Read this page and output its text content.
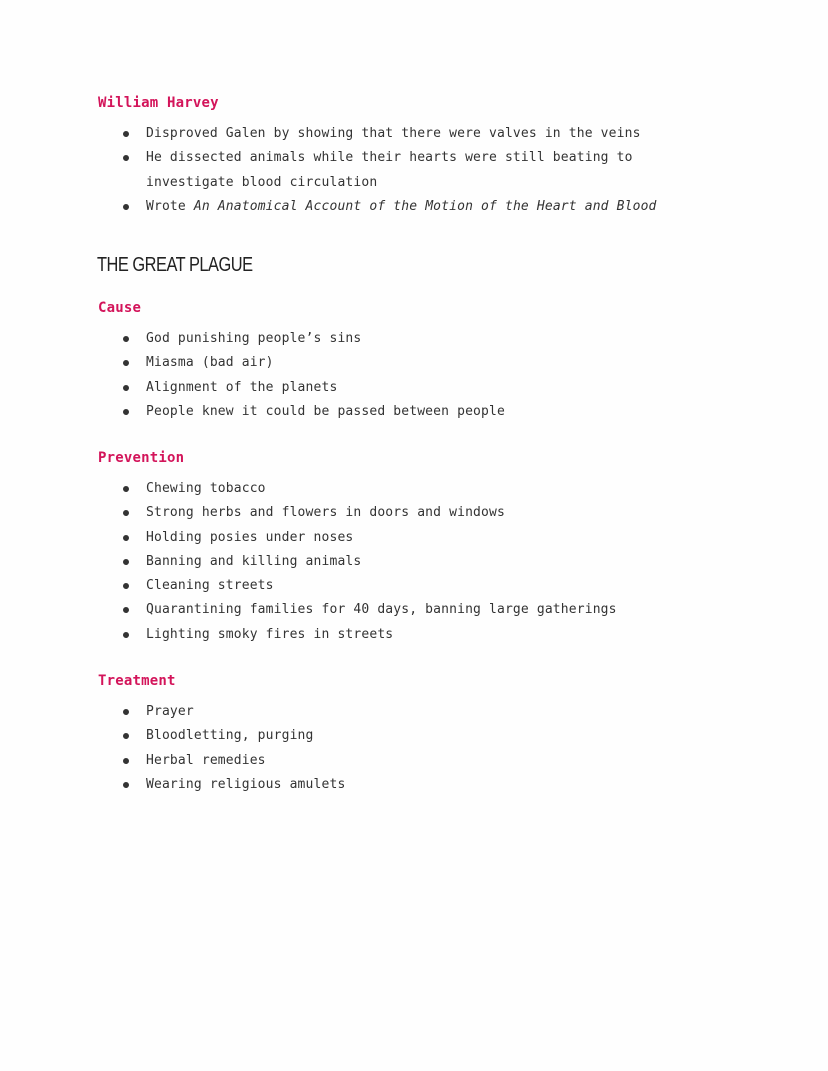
William Harvey
Disproved Galen by showing that there were valves in the veins
He dissected animals while their hearts were still beating to investigate blood circulation
Wrote An Anatomical Account of the Motion of the Heart and Blood
THE GREAT PLAGUE
Cause
God punishing people’s sins
Miasma (bad air)
Alignment of the planets
People knew it could be passed between people
Prevention
Chewing tobacco
Strong herbs and flowers in doors and windows
Holding posies under noses
Banning and killing animals
Cleaning streets
Quarantining families for 40 days, banning large gatherings
Lighting smoky fires in streets
Treatment
Prayer
Bloodletting, purging
Herbal remedies
Wearing religious amulets
